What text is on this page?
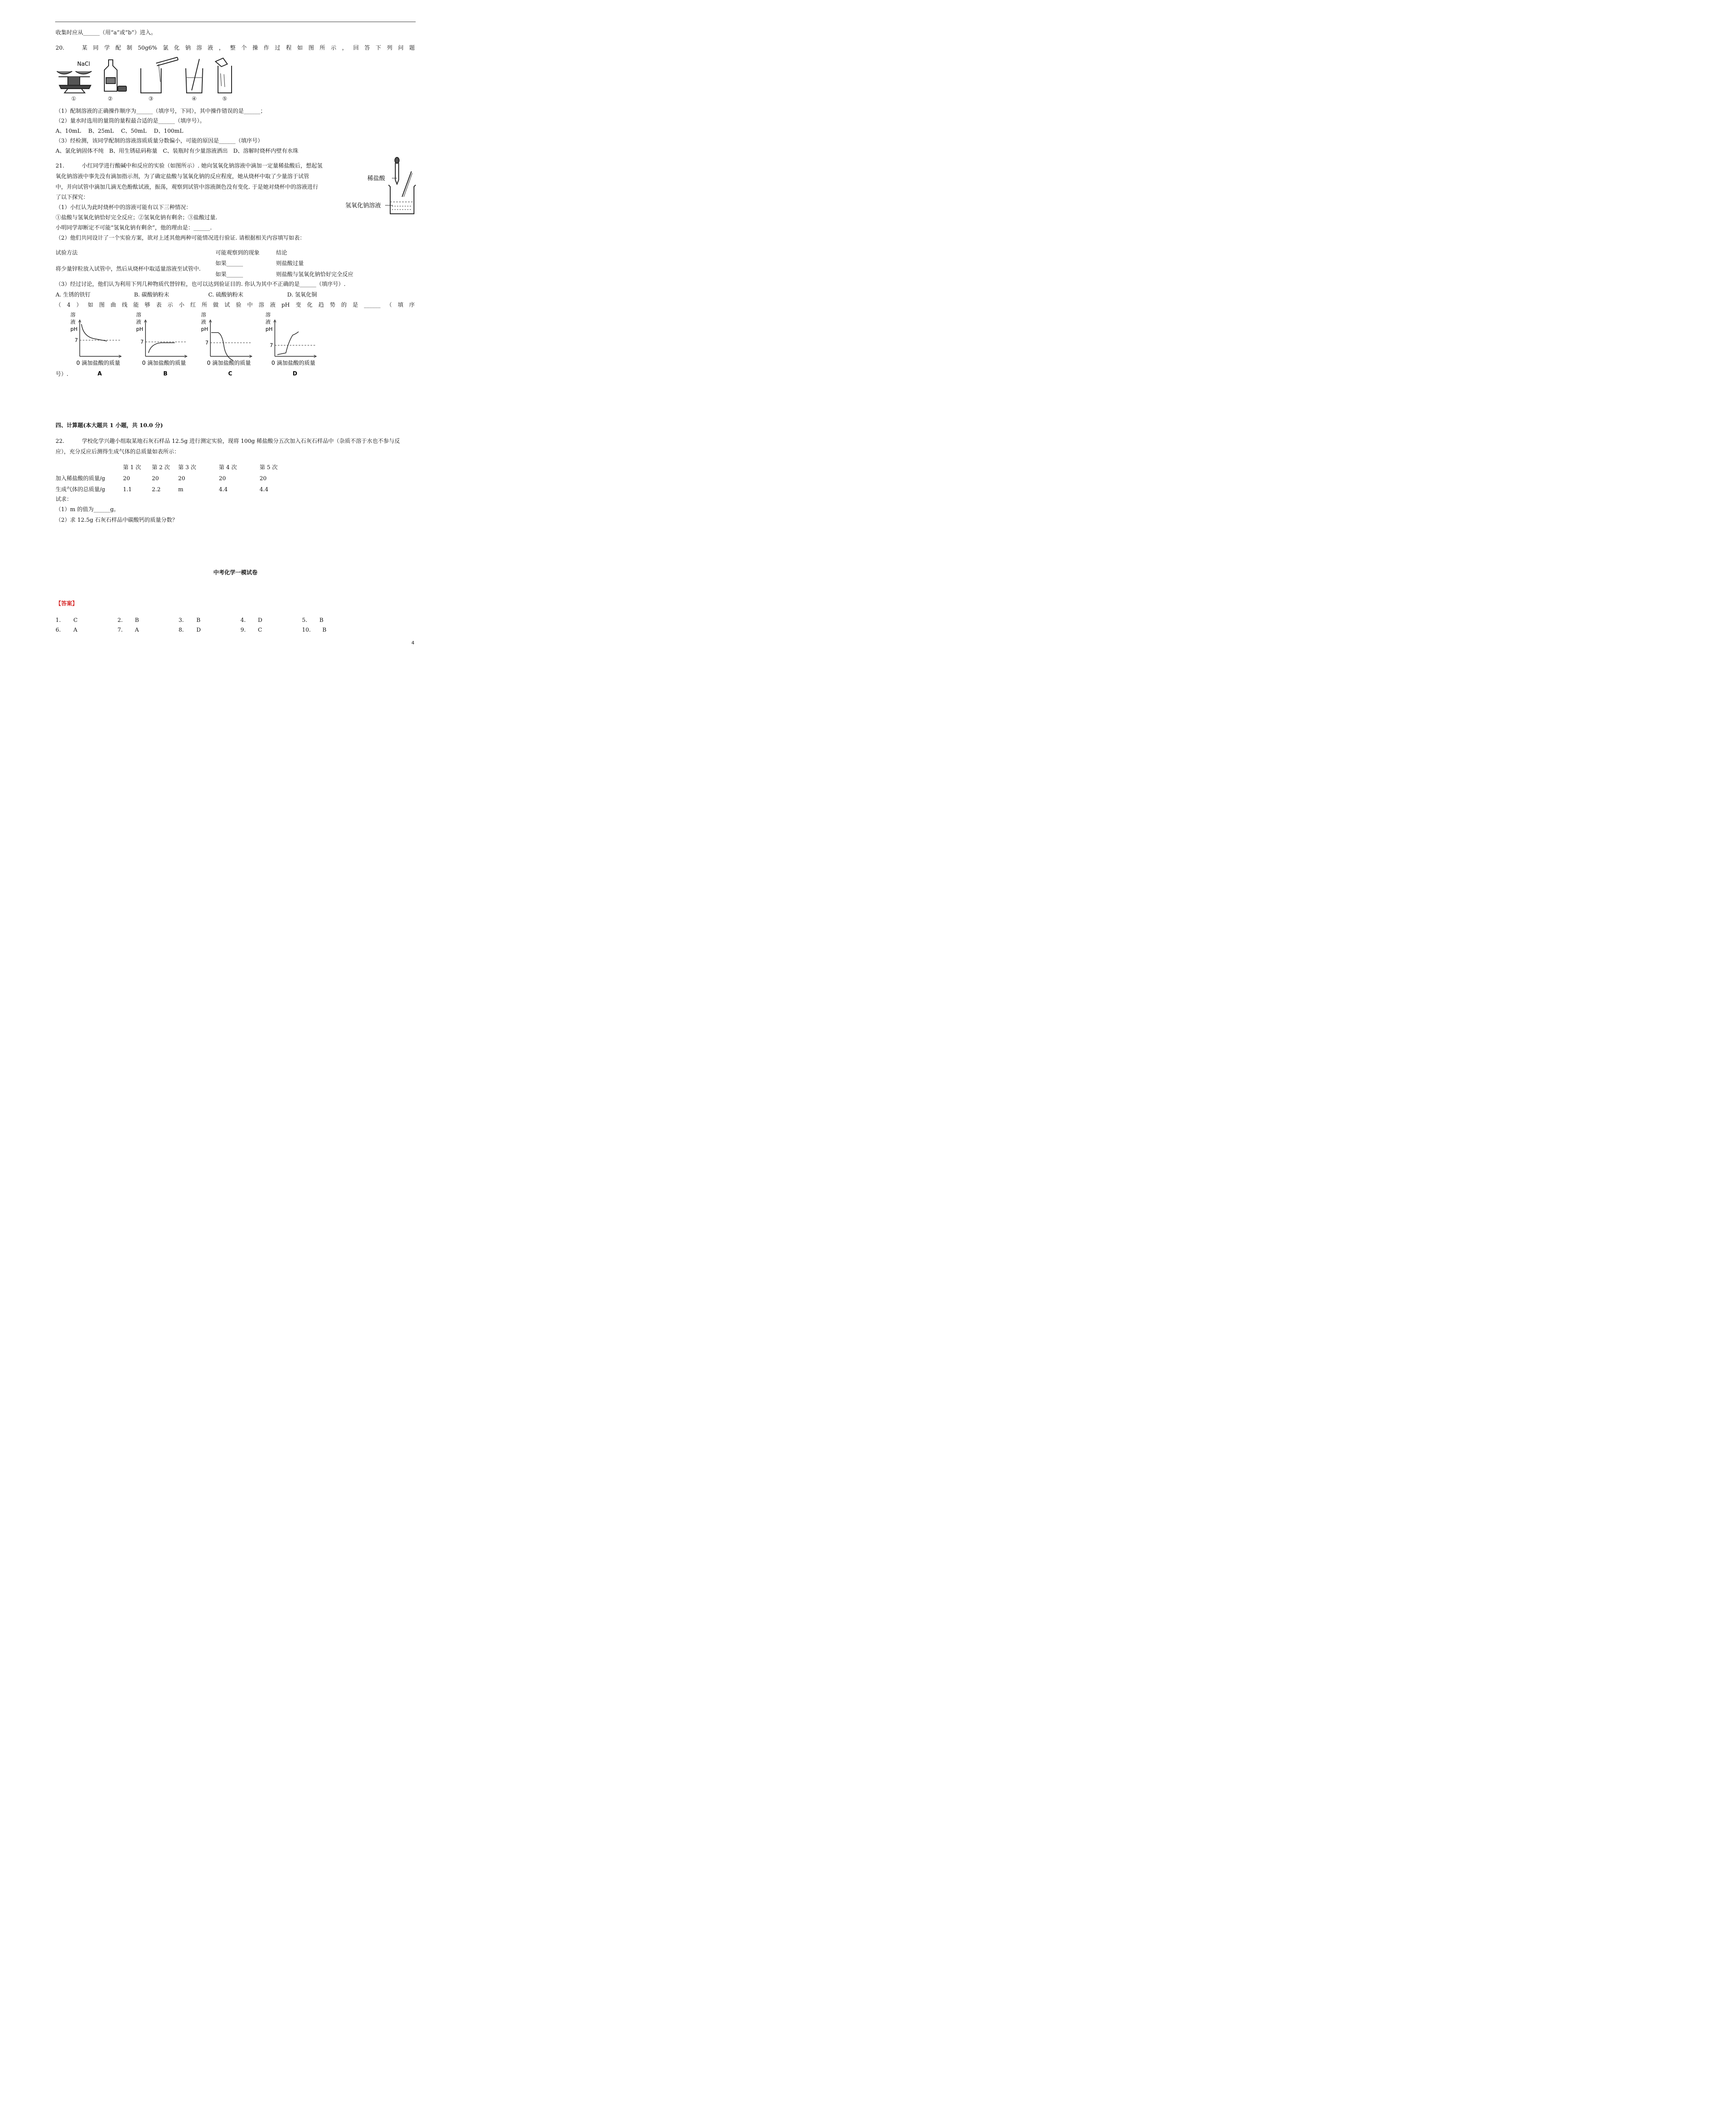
收集时应从______（用“a”或“b”）进入。
20.	某 同 学 配 制 50g6% 氯 化 钠 溶 液 ， 整 个 操 作 过 程 如 图 所 示 ， 回 答 下 列 问 题
NaCl
①	②	③	④	⑤
（1）配制溶液的正确操作顺序为______（填序号，下同），其中操作错误的是______；
（2）量水时选用的量筒的量程最合适的是______（填序号）。
A、10mL　 B、25mL　 C、50mL　 D、100mL
（3）经检测，该同学配制的溶液溶质质量分数偏小，可能的原因是______（填序号）
A、氯化钠固体不纯　B、用生锈砝码称量　C、装瓶时有少量溶液洒出　D、溶解时烧杯内壁有水珠
21.	小红同学进行酸碱中和反应的实验（如图所示）. 她向氢氧化钠溶液中滴加一定量稀盐酸后，想起氢
氧化钠溶液中事先没有滴加指示剂，为了确定盐酸与氢氧化钠的反应程度，她从烧杯中取了少量溶于试管
中，并向试管中滴加几滴无色酚酞试液，振荡，观察到试管中溶液颜色没有变化. 于是她对烧杯中的溶液进行
了以下探究：
稀盐酸
氢氧化钠溶液
（1）小红认为此时烧杯中的溶液可能有以下三种情况：
①盐酸与氢氧化钠恰好完全反应；②氢氧化钠有剩余；③盐酸过量.
小明同学却断定不可能“氢氧化钠有剩余”，他的理由是：______.
（2）他们共同设计了一个实验方案，欲对上述其他两种可能情况进行验证. 请根据相关内容填写如表：
试验方法	可能观察到的现象	结论
将少量锌粒放入试管中，然后从烧杯中取适量溶液至试管中.
如果______	则盐酸过量
如果______	则盐酸与氢氧化钠恰好完全反应
（3）经过讨论，他们认为利用下列几种物质代替锌粒，也可以达到验证目的. 你认为其中不正确的是______（填序号）.
A. 生锈的铁钉	B. 碳酸钠粉末	C. 硫酸钠粉末	D. 氢氧化铜
（ 4 ） 如 图 曲 线 能 够 表 示 小 红 所 做 试 验 中 溶 液 pH 变 化 趋 势 的 是 ______ （ 填 序
7
溶
液
pH
0 滴加盐酸的质量
A
7
溶
液
pH
0 滴加盐酸的质量
B
7
溶
液
pH
0 滴加盐酸的质量
C
7
溶
液
pH
0 滴加盐酸的质量
D
号）.
四、计算题(本大题共 1 小题，共 10.0 分)
22.	学校化学兴趣小组取某地石灰石样品 12.5g 进行测定实验，现将 100g 稀盐酸分五次加入石灰石样品中（杂质不溶于水也不参与反
应），充分反应后测得生成气体的总质量如表所示：
第 1 次 第 2 次 第 3 次	第 4 次	第 5 次
加入稀盐酸的质量/g	20	20	20	20	20
生成气体的总质量/g	1.1	2.2	m	4.4	4.4
试求：
（1）m 的值为______g。
（2）求 12.5g 石灰石样品中碳酸钙的质量分数？
中考化学一模试卷
【答案】
1. C	2. B	3. B	4. D	5. B
6. A	7. A	8. D	9. C	10. B
4
